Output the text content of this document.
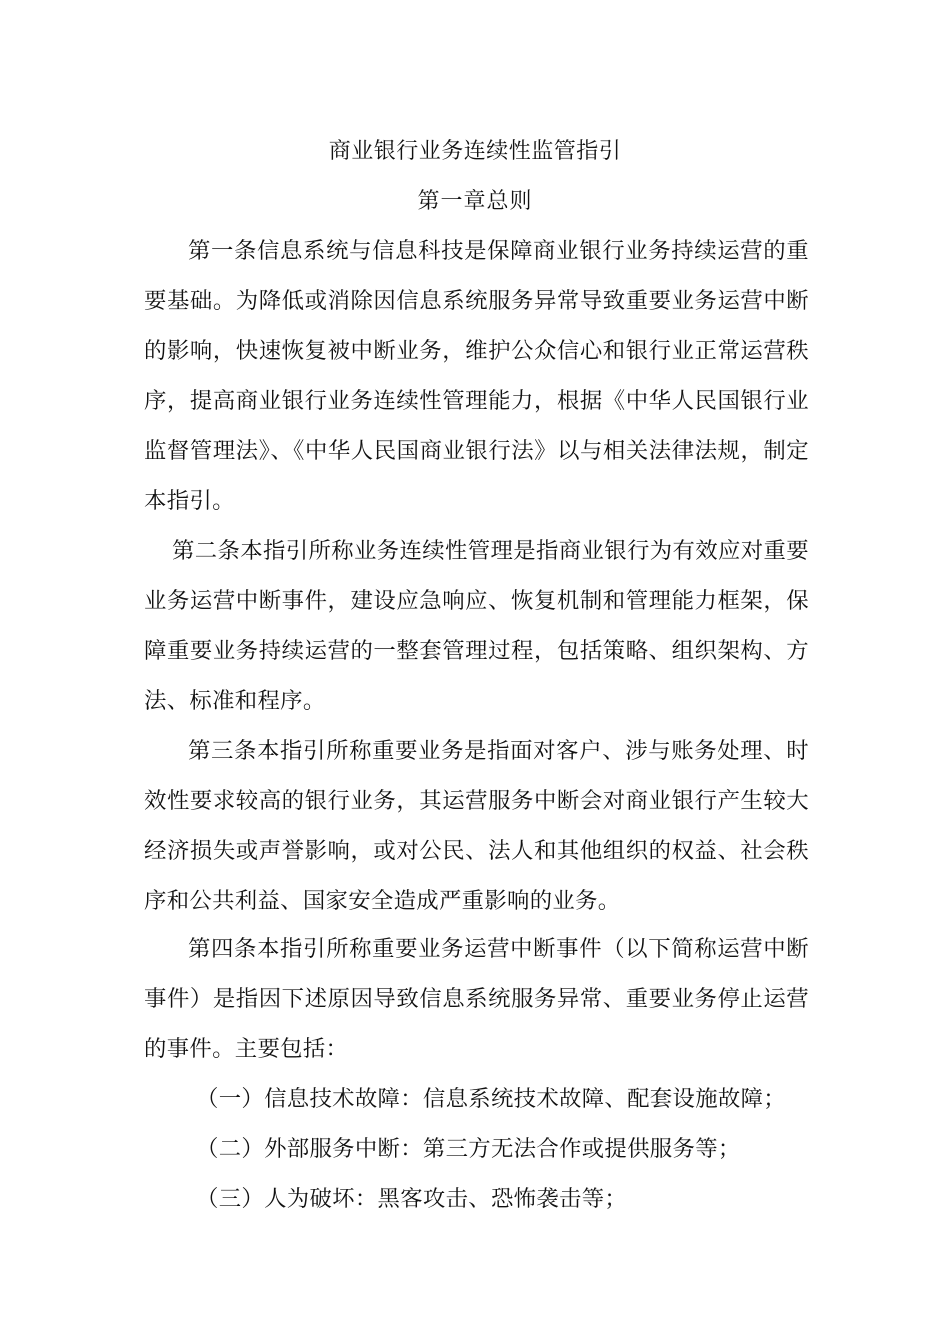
商业银行业务连续性监管指引
第一章总则

第一条信息系统与信息科技是保障商业银行业务持续运营的重要基础。为降低或消除因信息系统服务异常导致重要业务运营中断的影响，快速恢复被中断业务，维护公众信心和银行业正常运营秩序，提高商业银行业务连续性管理能力，根据《中华人民国银行业监督管理法》、《中华人民国商业银行法》以与相关法律法规，制定本指引。

第二条本指引所称业务连续性管理是指商业银行为有效应对重要业务运营中断事件，建设应急响应、恢复机制和管理能力框架，保障重要业务持续运营的一整套管理过程，包括策略、组织架构、方法、标准和程序。

第三条本指引所称重要业务是指面对客户、涉与账务处理、时效性要求较高的银行业务，其运营服务中断会对商业银行产生较大经济损失或声誉影响，或对公民、法人和其他组织的权益、社会秩序和公共利益、国家安全造成严重影响的业务。

第四条本指引所称重要业务运营中断事件（以下简称运营中断事件）是指因下述原因导致信息系统服务异常、重要业务停止运营的事件。主要包括：

（一）信息技术故障：信息系统技术故障、配套设施故障；

（二）外部服务中断：第三方无法合作或提供服务等；

（三）人为破坏：黑客攻击、恐怖袭击等；
